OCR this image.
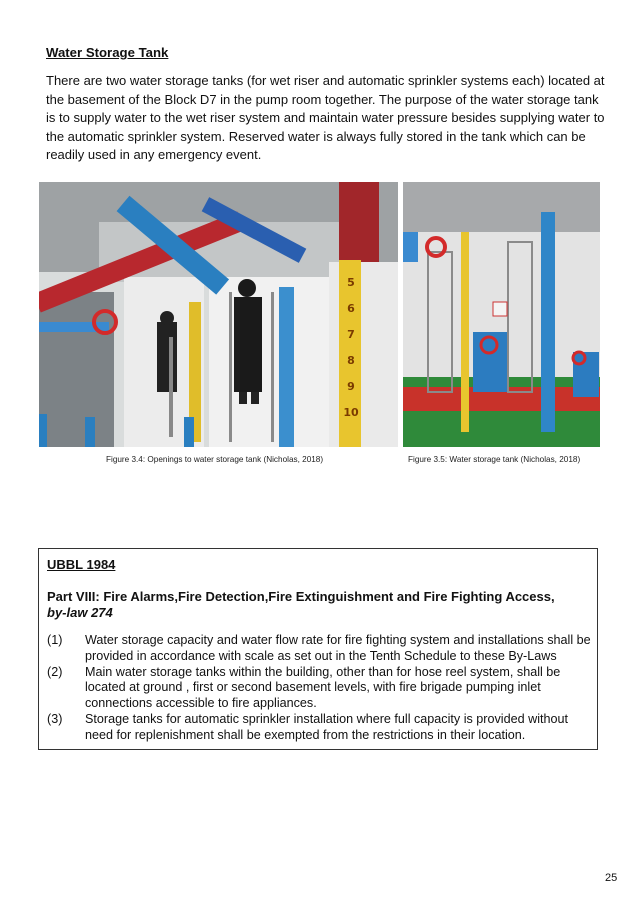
Water Storage Tank

There are two water storage tanks (for wet riser and automatic sprinkler systems each) located at the basement of the Block D7 in the pump room together. The purpose of the water storage tank is to supply water to the wet riser system and maintain water pressure besides supplying water to the automatic sprinkler system. Reserved water is always fully stored in the tank which can be readily used in any emergency event.

5
6
7
8
9
10
Figure 3.4: Openings to water storage tank (Nicholas, 2018)	Figure 3.5: Water storage tank (Nicholas, 2018)
UBBL 1984
Part VIII: Fire Alarms,Fire Detection,Fire Extinguishment and Fire Fighting Access,
by-law 274
(1)	Water storage capacity and water flow rate for fire fighting system and installations shall be provided in accordance with scale as set out in the Tenth Schedule to these By-Laws
(2)	Main water storage tanks within the building, other than for hose reel system, shall be located at ground , first or second basement levels, with fire brigade pumping inlet connections accessible to fire appliances.
(3)	Storage tanks for automatic sprinkler installation where full capacity is provided without need for replenishment shall be exempted from the restrictions in their location.
25
